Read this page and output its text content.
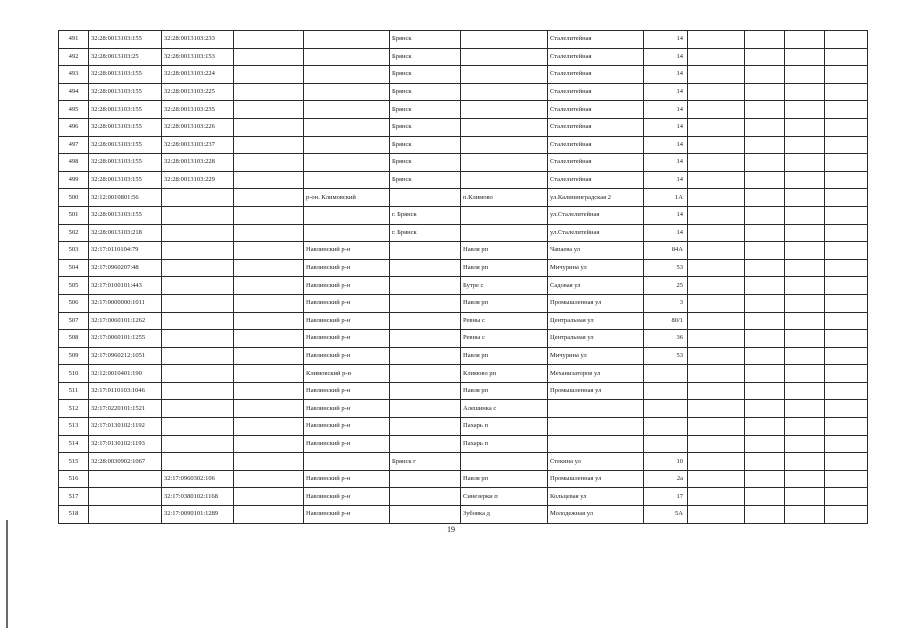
491	32:28:0013103:155	32:28:0013103:233			Брянск		Сталелитейная	14				
492	32:28:0013103:25	32:28:0013103:153			Брянск		Сталелитейная	14				
493	32:28:0013103:155	32:28:0013103:224			Брянск		Сталелитейная	14				
494	32:28:0013103:155	32:28:0013103:225			Брянск		Сталелитейная	14				
495	32:28:0013103:155	32:28:0013103:235			Брянск		Сталелитейная	14				
496	32:28:0013103:155	32:28:0013103:226			Брянск		Сталелитейная	14				
497	32:28:0013103:155	32:28:0013103:237			Брянск		Сталелитейная	14				
498	32:28:0013103:155	32:28:0013103:228			Брянск		Сталелитейная	14				
499	32:28:0013103:155	32:28:0013103:229			Брянск		Сталелитейная	14				
500	32:12:0010801:56			р-он. Климовский		п.Климово	ул.Калининградская 2	1А				
501	32:28:0013103:155				г. Брянск		ул.Сталелитейная	14				
502	32:28:0013103:218				г. Брянск		ул.Сталелитейная	14				
503	32:17:0110104:79			Навлинский р-н		Навля рп	Чапаева ул	84А				
504	32:17:0960207:48			Навлинский р-н		Навля рп	Мичурина ул	53				
505	32:17:0100101:443			Навлинский р-н		Бутре с	Садовая ул	25				
506	32:17:0000000:1011			Навлинский р-н		Навля рп	Промышленная ул	3				
507	32:17:0060101:1262			Навлинский р-н		Ревны с	Центральная ул	80/1				
508	32:17:0060101:1255			Навлинский р-н		Ревны с	Центральная ул	36				
509	32:17:0960212:1051			Навлинский р-н		Навля рп	Мичурина ул	53				
510	32:12:0010401:190			Климовский р-н		Климово рп	Механизаторов ул					
511	32:17:0110103:1046			Навлинский р-н		Навля рп	Промышленная ул					
512	32:17:0220101:1521			Навлинский р-н		Алешинка с						
513	32:17:0130102:1192			Навлинский р-н		Пахарь п						
514	32:17:0130102:1193			Навлинский р-н		Пахарь п						
515	32:28:0030902:1067				Брянск г		Стекина ул	10				
516		32:17:0960302:106		Навлинский р-н		Навля рп	Промышленная ул	2а				
517		32:17:0380102:1168		Навлинский р-н		Синезерки п	Кольцевая ул	17				
518		32:17:0090101:1289		Навлинский р-н		Зубовка д	Молодежная ул	5А				
19
